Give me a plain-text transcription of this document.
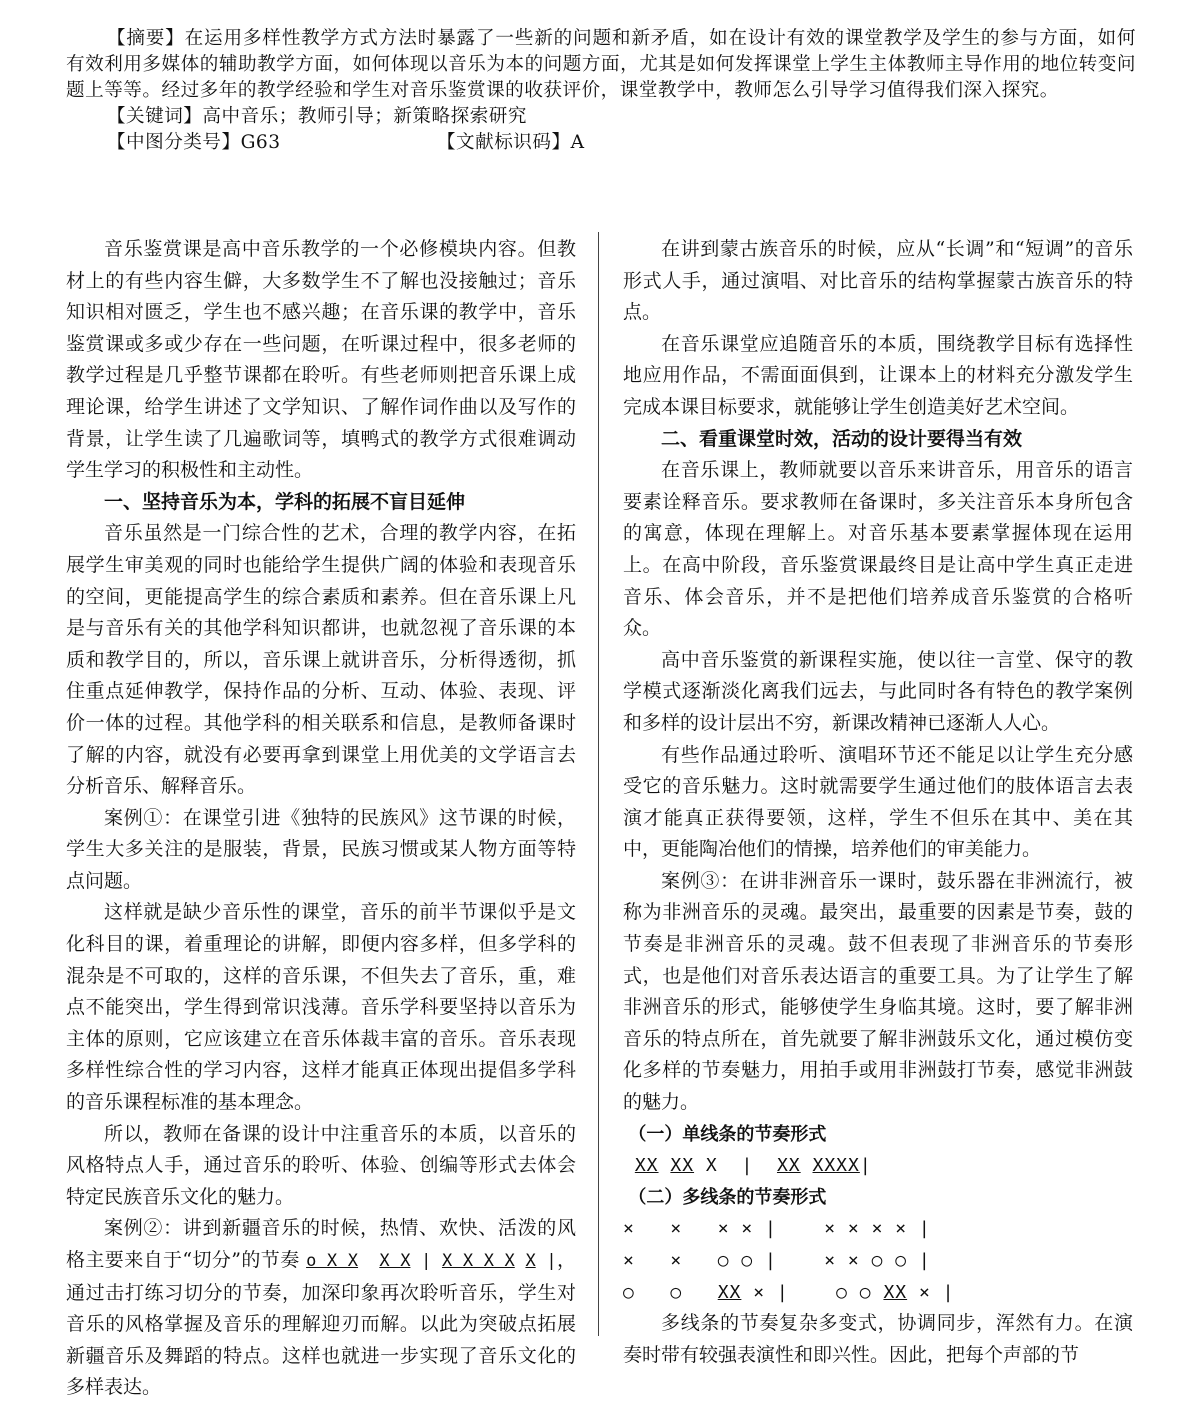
【摘要】在运用多样性教学方式方法时暴露了一些新的问题和新矛盾，如在设计有效的课堂教学及学生的参与方面，如何有效利用多媒体的辅助教学方面，如何体现以音乐为本的问题方面，尤其是如何发挥课堂上学生主体教师主导作用的地位转变问题上等等。经过多年的教学经验和学生对音乐鉴赏课的收获评价，课堂教学中，教师怎么引导学习值得我们深入探究。

【关键词】高中音乐；教师引导；新策略探索研究
【中图分类号】G63	【文献标识码】A

音乐鉴赏课是高中音乐教学的一个必修模块内容。但教材上的有些内容生僻，大多数学生不了解也没接触过；音乐知识相对匮乏，学生也不感兴趣；在音乐课的教学中，音乐鉴赏课或多或少存在一些问题，在听课过程中，很多老师的教学过程是几乎整节课都在聆听。有些老师则把音乐课上成理论课，给学生讲述了文学知识、了解作词作曲以及写作的背景，让学生读了几遍歌词等，填鸭式的教学方式很难调动学生学习的积极性和主动性。

一、坚持音乐为本，学科的拓展不盲目延伸

音乐虽然是一门综合性的艺术，合理的教学内容，在拓展学生审美观的同时也能给学生提供广阔的体验和表现音乐的空间，更能提高学生的综合素质和素养。但在音乐课上凡是与音乐有关的其他学科知识都讲，也就忽视了音乐课的本质和教学目的，所以，音乐课上就讲音乐，分析得透彻，抓住重点延伸教学，保持作品的分析、互动、体验、表现、评价一体的过程。其他学科的相关联系和信息，是教师备课时了解的内容，就没有必要再拿到课堂上用优美的文学语言去分析音乐、解释音乐。

案例①：在课堂引进《独特的民族风》这节课的时候，学生大多关注的是服装，背景，民族习惯或某人物方面等特点问题。

这样就是缺少音乐性的课堂，音乐的前半节课似乎是文化科目的课，着重理论的讲解，即便内容多样，但多学科的混杂是不可取的，这样的音乐课，不但失去了音乐，重，难点不能突出，学生得到常识浅薄。音乐学科要坚持以音乐为主体的原则，它应该建立在音乐体裁丰富的音乐。音乐表现多样性综合性的学习内容，这样才能真正体现出提倡多学科的音乐课程标准的基本理念。

所以，教师在备课的设计中注重音乐的本质，以音乐的风格特点人手，通过音乐的聆听、体验、创编等形式去体会特定民族音乐文化的魅力。

案例②：讲到新疆音乐的时候，热情、欢快、活泼的风格主要来自于“切分”的节奏 o X X X X | X X X X X |，通过击打练习切分的节奏，加深印象再次聆听音乐，学生对音乐的风格掌握及音乐的理解迎刃而解。以此为突破点拓展新疆音乐及舞蹈的特点。这样也就进一步实现了音乐文化的多样表达。

在讲到蒙古族音乐的时候，应从“长调”和“短调”的音乐形式人手，通过演唱、对比音乐的结构掌握蒙古族音乐的特点。

在音乐课堂应追随音乐的本质，围绕教学目标有选择性地应用作品，不需面面俱到，让课本上的材料充分激发学生完成本课目标要求，就能够让学生创造美好艺术空间。

二、看重课堂时效，活动的设计要得当有效

在音乐课上，教师就要以音乐来讲音乐，用音乐的语言要素诠释音乐。要求教师在备课时，多关注音乐本身所包含的寓意，体现在理解上。对音乐基本要素掌握体现在运用上。在高中阶段，音乐鉴赏课最终目是让高中学生真正走进音乐、体会音乐，并不是把他们培养成音乐鉴赏的合格听众。

高中音乐鉴赏的新课程实施，使以往一言堂、保守的教学模式逐渐淡化离我们远去，与此同时各有特色的教学案例和多样的设计层出不穷，新课改精神已逐渐人人心。

有些作品通过聆听、演唱环节还不能足以让学生充分感受它的音乐魅力。这时就需要学生通过他们的肢体语言去表演才能真正获得要领，这样，学生不但乐在其中、美在其中，更能陶冶他们的情操，培养他们的审美能力。

案例③：在讲非洲音乐一课时，鼓乐器在非洲流行，被称为非洲音乐的灵魂。最突出，最重要的因素是节奏，鼓的节奏是非洲音乐的灵魂。鼓不但表现了非洲音乐的节奏形式，也是他们对音乐表达语言的重要工具。为了让学生了解非洲音乐的形式，能够使学生身临其境。这时，要了解非洲音乐的特点所在，首先就要了解非洲鼓乐文化，通过模仿变化多样的节奏魅力，用拍手或用非洲鼓打节奏，感觉非洲鼓的魅力。

（一）单线条的节奏形式
XX XX X | XX XXXX|
（二）多线条的节奏形式
×   ×   × × |    × × × × |
×   ×   ○ ○ |    × × ○ ○ |
○   ○   XX × |    ○ ○ XX × |

多线条的节奏复杂多变式，协调同步，浑然有力。在演奏时带有较强表演性和即兴性。因此，把每个声部的节
